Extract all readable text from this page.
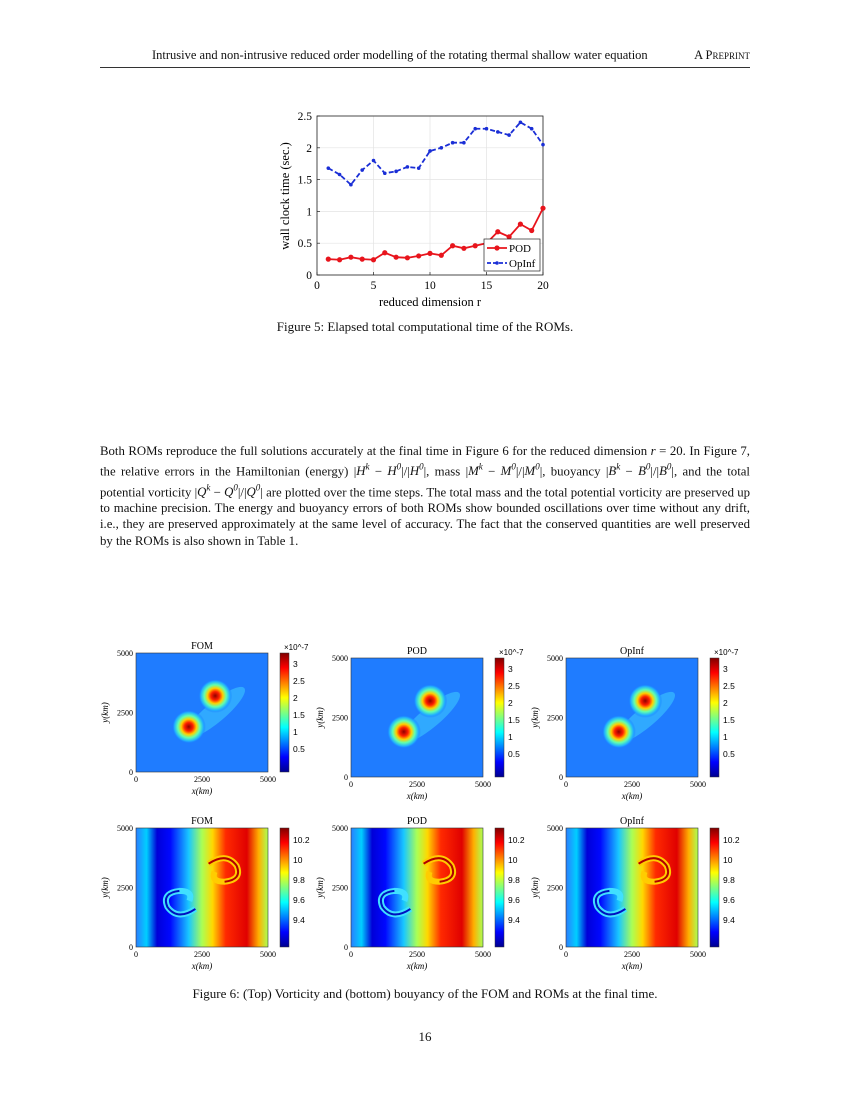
Intrusive and non-intrusive reduced order modelling of the rotating thermal shallow water equation	A Preprint
0	5	10	15	20
0
0.5
1
1.5
2
2.5
reduced dimension r
wall clock time (sec.)	POD
OpInf
Figure 5: Elapsed total computational time of the ROMs.
Both ROMs reproduce the full solutions accurately at the final time in Figure 6 for the reduced dimension r = 20. In Figure 7, the relative errors in the Hamiltonian (energy) $|H^k - H^0|/|H^0|$, mass $|M^k - M^0|/|M^0|$, buoyancy $|B^k - B^0|/|B^0|$, and the total potential vorticity $|Q^k - Q^0|/|Q^0|$ are plotted over the time steps. The total mass and the total potential vorticity are preserved up to machine precision. The energy and buoyancy errors of both ROMs show bounded oscillations over time without any drift, i.e., they are preserved approximately at the same level of accuracy. The fact that the conserved quantities are well preserved by the ROMs is also shown in Table 1.
FOM
0	2500	5000
0
2500
5000
x(km)
y(km)
3
2.5
2
1.5
1
0.5
×10^-7	POD
0	2500	5000
0
2500
5000
x(km)
y(km)
3
2.5
2
1.5
1
0.5
×10^-7	OpInf
0	2500	5000
0
2500
5000
x(km)
y(km)
3
2.5
2
1.5
1
0.5
×10^-7
FOM
0	2500	5000
0
2500
5000
x(km)
y(km)
10.2
10
9.8
9.6
9.4
POD
0	2500	5000
0
2500
5000
x(km)
y(km)
10.2
10
9.8
9.6
9.4
OpInf
0	2500	5000
0
2500
5000
x(km)
y(km)
10.2
10
9.8
9.6
9.4
Figure 6: (Top) Vorticity and (bottom) bouyancy of the FOM and ROMs at the final time.
16
